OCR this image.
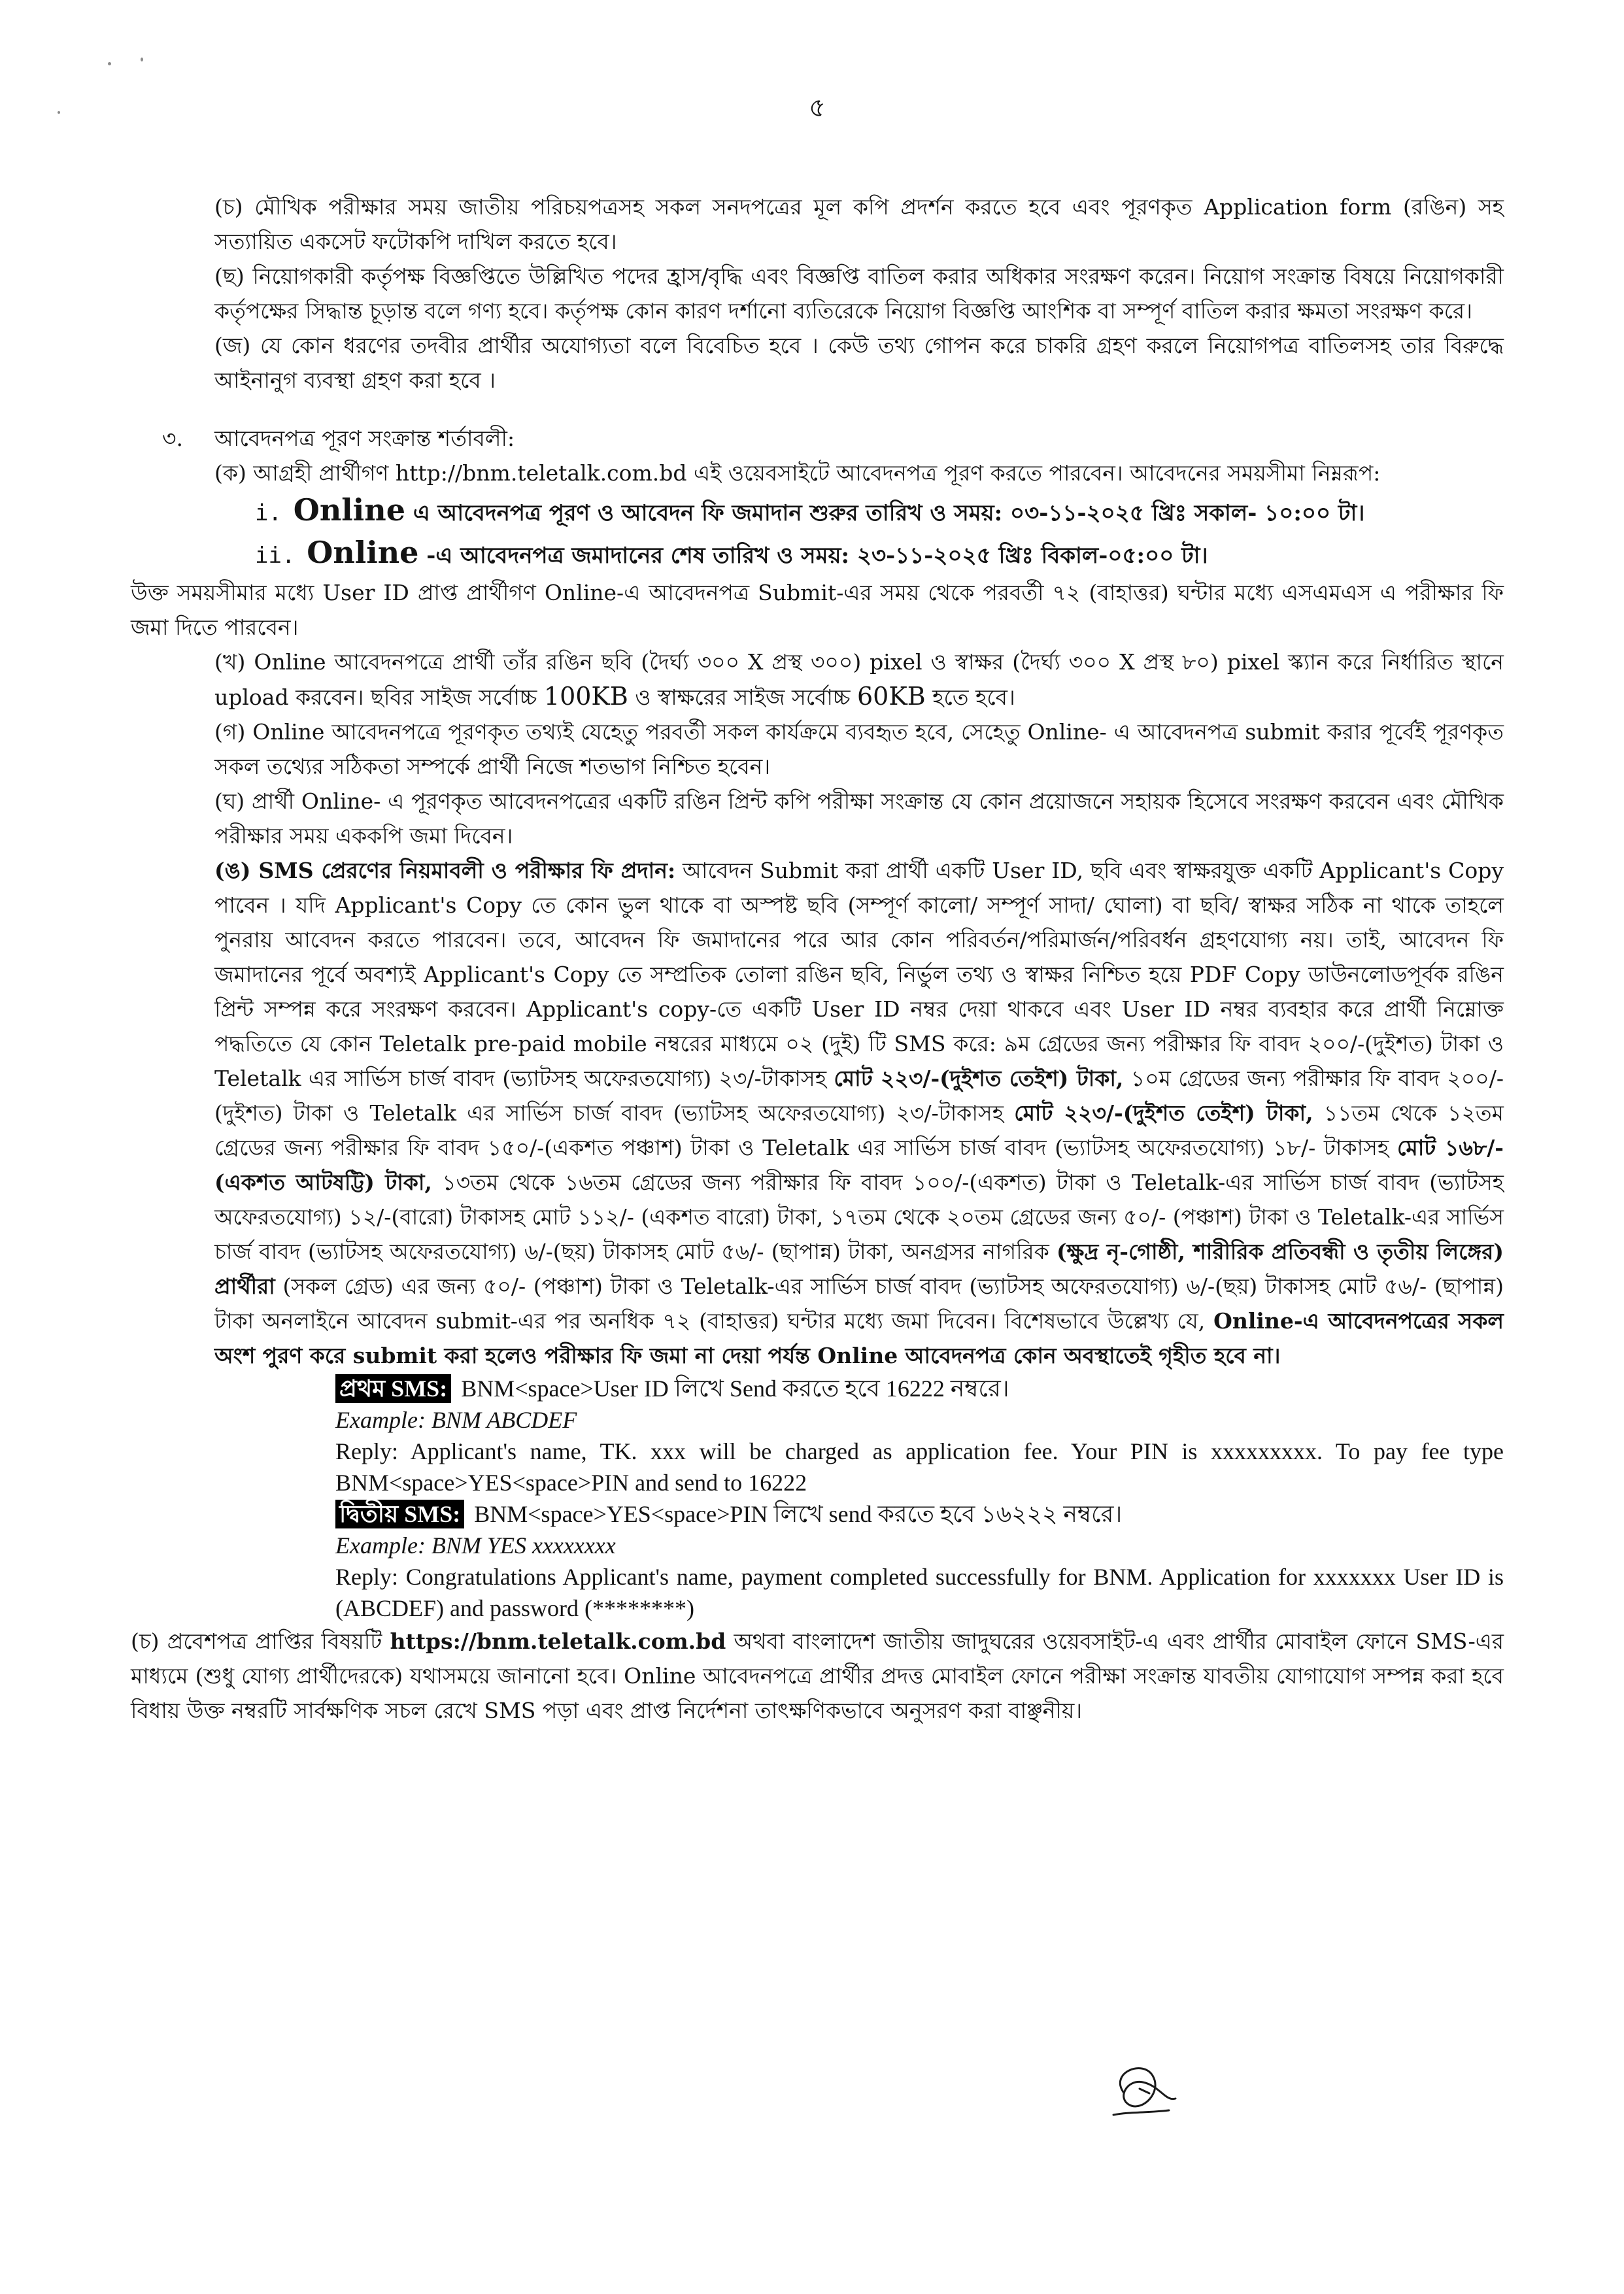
৫

(চ) মৌখিক পরীক্ষার সময় জাতীয় পরিচয়পত্রসহ সকল সনদপত্রের মূল কপি প্রদর্শন করতে হবে এবং পূরণকৃত Application form (রঙিন) সহ সত্যায়িত একসেট ফটোকপি দাখিল করতে হবে।

(ছ) নিয়োগকারী কর্তৃপক্ষ বিজ্ঞপ্তিতে উল্লিখিত পদের হ্রাস/বৃদ্ধি এবং বিজ্ঞপ্তি বাতিল করার অধিকার সংরক্ষণ করেন। নিয়োগ সংক্রান্ত বিষয়ে নিয়োগকারী কর্তৃপক্ষের সিদ্ধান্ত চূড়ান্ত বলে গণ্য হবে। কর্তৃপক্ষ কোন কারণ দর্শানো ব্যতিরেকে নিয়োগ বিজ্ঞপ্তি আংশিক বা সম্পূর্ণ বাতিল করার ক্ষমতা সংরক্ষণ করে।

(জ) যে কোন ধরণের তদবীর প্রার্থীর অযোগ্যতা বলে বিবেচিত হবে । কেউ তথ্য গোপন করে চাকরি গ্রহণ করলে নিয়োগপত্র বাতিলসহ তার বিরুদ্ধে আইনানুগ ব্যবস্থা গ্রহণ করা হবে ।

৩. আবেদনপত্র পূরণ সংক্রান্ত শর্তাবলী:

(ক) আগ্রহী প্রার্থীগণ http://bnm.teletalk.com.bd এই ওয়েবসাইটে আবেদনপত্র পূরণ করতে পারবেন। আবেদনের সময়সীমা নিম্নরূপ:

i. Online এ আবেদনপত্র পূরণ ও আবেদন ফি জমাদান শুরুর তারিখ ও সময়: ০৩-১১-২০২৫ খ্রিঃ সকাল- ১০:০০ টা।

ii. Online -এ আবেদনপত্র জমাদানের শেষ তারিখ ও সময়: ২৩-১১-২০২৫ খ্রিঃ বিকাল-০৫:০০ টা।

উক্ত সময়সীমার মধ্যে User ID প্রাপ্ত প্রার্থীগণ Online-এ আবেদনপত্র Submit-এর সময় থেকে পরবর্তী ৭২ (বাহাত্তর) ঘন্টার মধ্যে এসএমএস এ পরীক্ষার ফি জমা দিতে পারবেন।

(খ) Online আবেদনপত্রে প্রার্থী তাঁর রঙিন ছবি (দৈর্ঘ্য ৩০০ X প্রস্থ ৩০০) pixel ও স্বাক্ষর (দৈর্ঘ্য ৩০০ X প্রস্থ ৮০) pixel স্ক্যান করে নির্ধারিত স্থানে upload করবেন। ছবির সাইজ সর্বোচ্চ 100KB ও স্বাক্ষরের সাইজ সর্বোচ্চ 60KB হতে হবে।

(গ) Online আবেদনপত্রে পূরণকৃত তথ্যই যেহেতু পরবর্তী সকল কার্যক্রমে ব্যবহৃত হবে, সেহেতু Online- এ আবেদনপত্র submit করার পূর্বেই পূরণকৃত সকল তথ্যের সঠিকতা সম্পর্কে প্রার্থী নিজে শতভাগ নিশ্চিত হবেন।

(ঘ) প্রার্থী Online- এ পূরণকৃত আবেদনপত্রের একটি রঙিন প্রিন্ট কপি পরীক্ষা সংক্রান্ত যে কোন প্রয়োজনে সহায়ক হিসেবে সংরক্ষণ করবেন এবং মৌখিক পরীক্ষার সময় এককপি জমা দিবেন।

(ঙ) SMS প্রেরণের নিয়মাবলী ও পরীক্ষার ফি প্রদান: আবেদন Submit করা প্রার্থী একটি User ID, ছবি এবং স্বাক্ষরযুক্ত একটি Applicant's Copy পাবেন । যদি Applicant's Copy তে কোন ভুল থাকে বা অস্পষ্ট ছবি (সম্পূর্ণ কালো/ সম্পূর্ণ সাদা/ ঘোলা) বা ছবি/ স্বাক্ষর সঠিক না থাকে তাহলে পুনরায় আবেদন করতে পারবেন। তবে, আবেদন ফি জমাদানের পরে আর কোন পরিবর্তন/পরিমার্জন/পরিবর্ধন গ্রহণযোগ্য নয়। তাই, আবেদন ফি জমাদানের পূর্বে অবশ্যই Applicant's Copy তে সম্প্রতিক তোলা রঙিন ছবি, নির্ভুল তথ্য ও স্বাক্ষর নিশ্চিত হয়ে PDF Copy ডাউনলোডপূর্বক রঙিন প্রিন্ট সম্পন্ন করে সংরক্ষণ করবেন। Applicant's copy-তে একটি User ID নম্বর দেয়া থাকবে এবং User ID নম্বর ব্যবহার করে প্রার্থী নিম্নোক্ত পদ্ধতিতে যে কোন Teletalk pre-paid mobile নম্বরের মাধ্যমে ০২ (দুই) টি SMS করে: ৯ম গ্রেডের জন্য পরীক্ষার ফি বাবদ ২০০/-(দুইশত) টাকা ও Teletalk এর সার্ভিস চার্জ বাবদ (ভ্যাটসহ অফেরতযোগ্য) ২৩/-টাকাসহ মোট ২২৩/-(দুইশত তেইশ) টাকা, ১০ম গ্রেডের জন্য পরীক্ষার ফি বাবদ ২০০/-(দুইশত) টাকা ও Teletalk এর সার্ভিস চার্জ বাবদ (ভ্যাটসহ অফেরতযোগ্য) ২৩/-টাকাসহ মোট ২২৩/-(দুইশত তেইশ) টাকা, ১১তম থেকে ১২তম গ্রেডের জন্য পরীক্ষার ফি বাবদ ১৫০/-(একশত পঞ্চাশ) টাকা ও Teletalk এর সার্ভিস চার্জ বাবদ (ভ্যাটসহ অফেরতযোগ্য) ১৮/- টাকাসহ মোট ১৬৮/-(একশত আটষট্টি) টাকা, ১৩তম থেকে ১৬তম গ্রেডের জন্য পরীক্ষার ফি বাবদ ১০০/-(একশত) টাকা ও Teletalk-এর সার্ভিস চার্জ বাবদ (ভ্যাটসহ অফেরতযোগ্য) ১২/-(বারো) টাকাসহ মোট ১১২/- (একশত বারো) টাকা, ১৭তম থেকে ২০তম গ্রেডের জন্য ৫০/- (পঞ্চাশ) টাকা ও Teletalk-এর সার্ভিস চার্জ বাবদ (ভ্যাটসহ অফেরতযোগ্য) ৬/-(ছয়) টাকাসহ মোট ৫৬/- (ছাপান্ন) টাকা, অনগ্রসর নাগরিক (ক্ষুদ্র নৃ-গোষ্ঠী, শারীরিক প্রতিবন্ধী ও তৃতীয় লিঙ্গের) প্রার্থীরা (সকল গ্রেড) এর জন্য ৫০/- (পঞ্চাশ) টাকা ও Teletalk-এর সার্ভিস চার্জ বাবদ (ভ্যাটসহ অফেরতযোগ্য) ৬/-(ছয়) টাকাসহ মোট ৫৬/- (ছাপান্ন) টাকা অনলাইনে আবেদন submit-এর পর অনধিক ৭২ (বাহাত্তর) ঘন্টার মধ্যে জমা দিবেন। বিশেষভাবে উল্লেখ্য যে, Online-এ আবেদনপত্রের সকল অংশ পুরণ করে submit করা হলেও পরীক্ষার ফি জমা না দেয়া পর্যন্ত Online আবেদনপত্র কোন অবস্থাতেই গৃহীত হবে না।

প্রথম SMS: BNM<space>User ID লিখে Send করতে হবে 16222 নম্বরে।

Example: BNM ABCDEF

Reply: Applicant's name, TK. xxx will be charged as application fee. Your PIN is xxxxxxxxx. To pay fee type BNM<space>YES<space>PIN and send to 16222

দ্বিতীয় SMS: BNM<space>YES<space>PIN লিখে send করতে হবে ১৬২২২ নম্বরে।

Example: BNM YES xxxxxxxx

Reply: Congratulations Applicant's name, payment completed successfully for BNM. Application for xxxxxxx User ID is (ABCDEF) and password (********)

(চ) প্রবেশপত্র প্রাপ্তির বিষয়টি https://bnm.teletalk.com.bd অথবা বাংলাদেশ জাতীয় জাদুঘরের ওয়েবসাইট-এ এবং প্রার্থীর মোবাইল ফোনে SMS-এর মাধ্যমে (শুধু যোগ্য প্রার্থীদেরকে) যথাসময়ে জানানো হবে। Online আবেদনপত্রে প্রার্থীর প্রদত্ত মোবাইল ফোনে পরীক্ষা সংক্রান্ত যাবতীয় যোগাযোগ সম্পন্ন করা হবে বিধায় উক্ত নম্বরটি সার্বক্ষণিক সচল রেখে SMS পড়া এবং প্রাপ্ত নির্দেশনা তাৎক্ষণিকভাবে অনুসরণ করা বাঞ্ছনীয়।
